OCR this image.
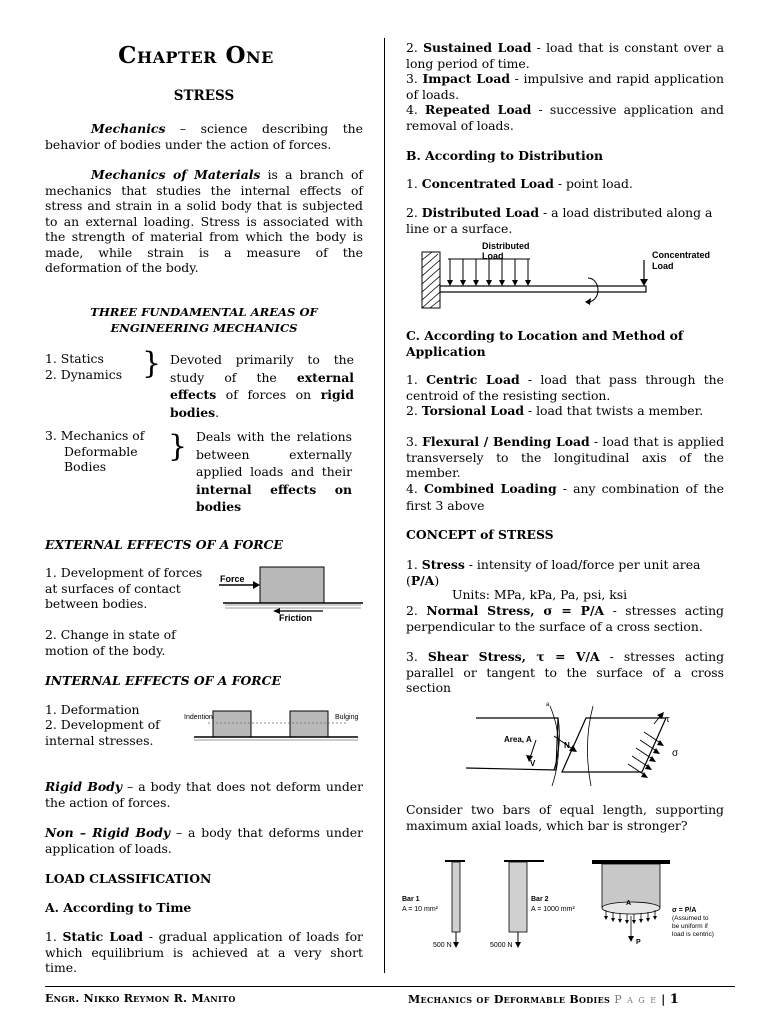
Chapter One
STRESS

Mechanics – science describing the behavior of bodies under the action of forces.

Mechanics of Materials is a branch of mechanics that studies the internal effects of stress and strain in a solid body that is subjected to an external loading. Stress is associated with the strength of material from which the body is made, while strain is a measure of the deformation of the body.

THREE FUNDAMENTAL AREAS OF
ENGINEERING MECHANICS
1. Statics
2. Dynamics } Devoted primarily to the study of the external effects of forces on rigid bodies.

3. Mechanics of
Deformable
Bodies
} Deals with the relations between externally applied loads and their internal effects on bodies

EXTERNAL EFFECTS OF A FORCE

1. Development of forces at surfaces of contact between bodies.

2. Change in state of motion of the body.

Force
Friction
INTERNAL EFFECTS OF A FORCE

1. Deformation

2. Development of internal stresses.

Indention	Bulging

Rigid Body – a body that does not deform under the action of forces.

Non – Rigid Body – a body that deforms under application of loads.

LOAD CLASSIFICATION
A. According to Time

1. Static Load - gradual application of loads for which equilibrium is achieved at a very short time.

2. Sustained Load - load that is constant over a long period of time.

3. Impact Load - impulsive and rapid application of loads.

4. Repeated Load - successive application and removal of loads.

B. According to Distribution

1. Concentrated Load - point load.

2. Distributed Load - a load distributed along a line or a surface.

Distributed
Load	Concentrated
Load

C. According to Location and Method of Application

1. Centric Load - load that pass through the centroid of the resisting section.

2. Torsional Load - load that twists a member.

3. Flexural / Bending Load - load that is applied transversely to the longitudinal axis of the member.

4. Combined Loading - any combination of the first 3 above

CONCEPT of STRESS

1. Stress - intensity of load/force per unit area (P/A)

Units: MPa, kPa, Pa, psi, ksi

2. Normal Stress, σ = P/A - stresses acting perpendicular to the surface of a cross section.

3. Shear Stress, τ = V/A - stresses acting parallel or tangent to the surface of a cross section

Area, A
N
V
τ
σ
a

Consider two bars of equal length, supporting maximum axial loads, which bar is stronger?

Bar 1
A = 10 mm²
500 N
Bar 2
A = 1000 mm²
5000 N
A
P
σ = P/A
(Assumed to
be uniform if
load is centric)
Engr. Nikko Reymon R. Manito	Mechanics of Deformable Bodies P a g e | 1
